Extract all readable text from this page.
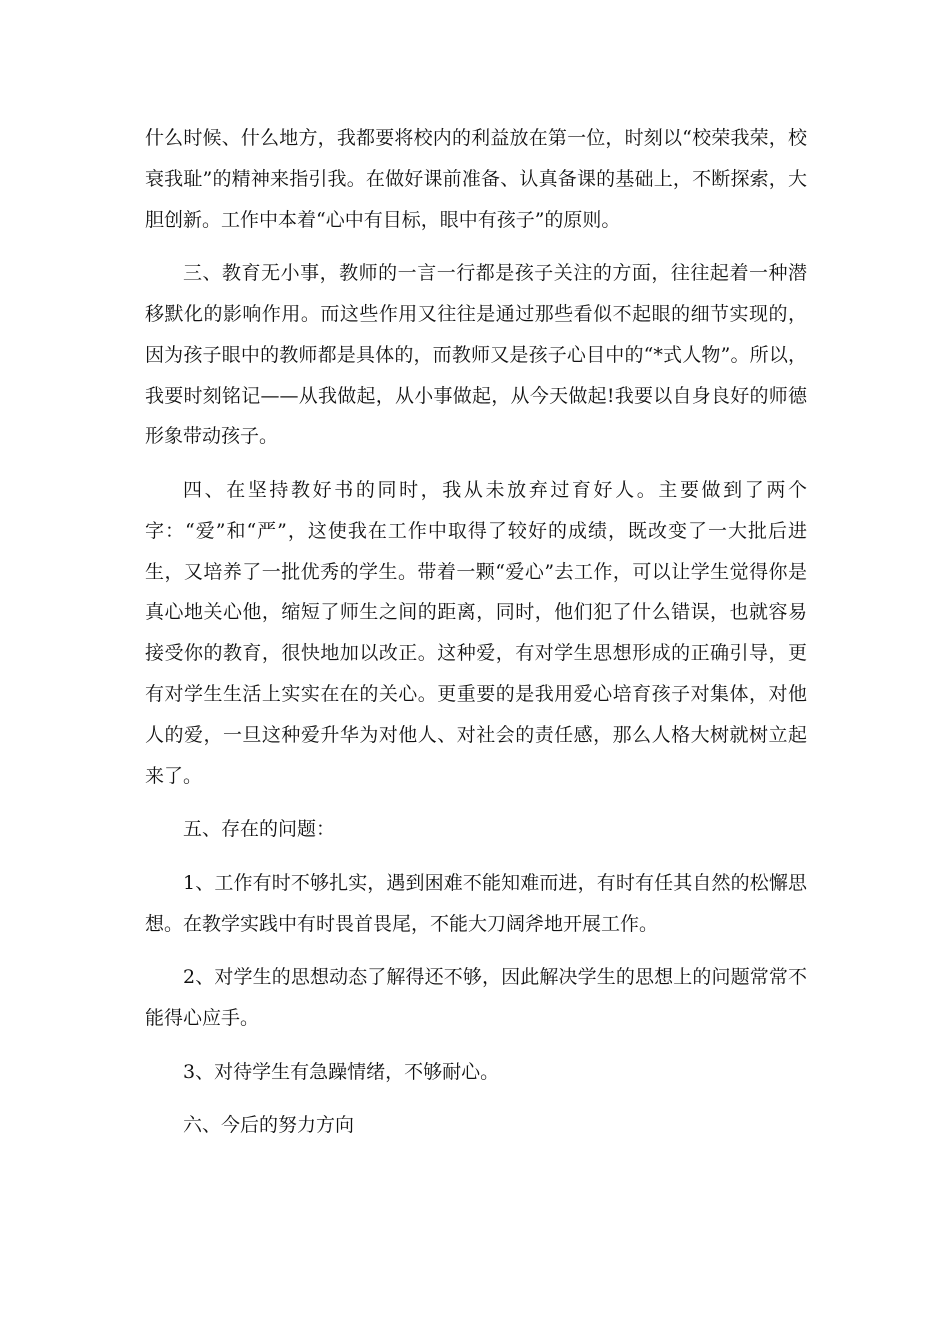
什么时候、什么地方，我都要将校内的利益放在第一位，时刻以“校荣我荣，校衰我耻”的精神来指引我。在做好课前准备、认真备课的基础上，不断探索，大胆创新。工作中本着“心中有目标，眼中有孩子”的原则。

三、教育无小事，教师的一言一行都是孩子关注的方面，往往起着一种潜移默化的影响作用。而这些作用又往往是通过那些看似不起眼的细节实现的，因为孩子眼中的教师都是具体的，而教师又是孩子心目中的“*式人物”。所以，我要时刻铭记——从我做起，从小事做起，从今天做起!我要以自身良好的师德形象带动孩子。

四、在坚持教好书的同时，我从未放弃过育好人。主要做到了两个字：“爱”和“严”，这使我在工作中取得了较好的成绩，既改变了一大批后进生，又培养了一批优秀的学生。带着一颗“爱心”去工作，可以让学生觉得你是真心地关心他，缩短了师生之间的距离，同时，他们犯了什么错误，也就容易接受你的教育，很快地加以改正。这种爱，有对学生思想形成的正确引导，更有对学生生活上实实在在的关心。更重要的是我用爱心培育孩子对集体，对他人的爱，一旦这种爱升华为对他人、对社会的责任感，那么人格大树就树立起来了。

五、存在的问题：

1、工作有时不够扎实，遇到困难不能知难而进，有时有任其自然的松懈思想。在教学实践中有时畏首畏尾，不能大刀阔斧地开展工作。

2、对学生的思想动态了解得还不够，因此解决学生的思想上的问题常常不能得心应手。

3、对待学生有急躁情绪，不够耐心。

六、今后的努力方向
